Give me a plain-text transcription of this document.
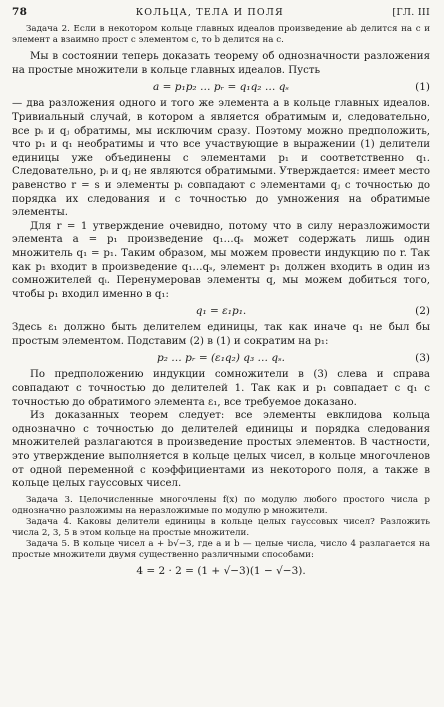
78	КОЛЬЦА, ТЕЛА И ПОЛЯ	[ГЛ. III

Задача 2. Если в некотором кольце главных идеалов произведение ab делится на c и элемент a взаимно прост с элементом c, то b делится на c.

Мы в состоянии теперь доказать теорему об однозначности разложения на простые множители в кольце главных идеалов. Пусть

a = p₁p₂ … pᵣ = q₁q₂ … qₛ	(1)

— два разложения одного и того же элемента a в кольце главных идеалов. Тривиальный случай, в котором a является обратимым и, следовательно, все pᵢ и qⱼ обратимы, мы исключим сразу. Поэтому можно предположить, что p₁ и q₁ необратимы и что все участвующие в выражении (1) делители единицы уже объединены с элементами p₁ и соответственно q₁. Следовательно, pᵢ и qⱼ не являются обратимыми. Утверждается: имеет место равенство r = s и элементы pᵢ совпадают с элементами qⱼ с точностью до порядка их следования и с точностью до умножения на обратимые элементы.

Для r = 1 утверждение очевидно, потому что в силу неразложимости элемента a = p₁ произведение q₁…qₛ может содержать лишь один множитель q₁ = p₁. Таким образом, мы можем провести индукцию по r. Так как p₁ входит в произведение q₁…qₛ, элемент p₁ должен входить в один из сомножителей qᵢ. Перенумеровав элементы q, мы можем добиться того, чтобы p₁ входил именно в q₁:

q₁ = ε₁p₁.	(2)

Здесь ε₁ должно быть делителем единицы, так как иначе q₁ не был бы простым элементом. Подставим (2) в (1) и сократим на p₁:

p₂ … pᵣ = (ε₁q₂) q₃ … qₛ.	(3)

По предположению индукции сомножители в (3) слева и справа совпадают с точностью до делителей 1. Так как и p₁ совпадает с q₁ с точностью до обратимого элемента ε₁, все требуемое доказано.

Из доказанных теорем следует: все элементы евклидова кольца однозначно с точностью до делителей единицы и порядка следования множителей разлагаются в произведение простых элементов. В частности, это утверждение выполняется в кольце целых чисел, в кольце многочленов от одной переменной с коэффициентами из некоторого поля, а также в кольце целых гауссовых чисел.

Задача 3. Целочисленные многочлены f(x) по модулю любого простого числа p однозначно разложимы на неразложимые по модулю p множители.

Задача 4. Каковы делители единицы в кольце целых гауссовых чисел? Разложить числа 2, 3, 5 в этом кольце на простые множители.

Задача 5. В кольце чисел a + b√−3, где a и b — целые числа, число 4 разлагается на простые множители двумя существенно различными способами:

4 = 2 · 2 = (1 + √−3)(1 − √−3).
